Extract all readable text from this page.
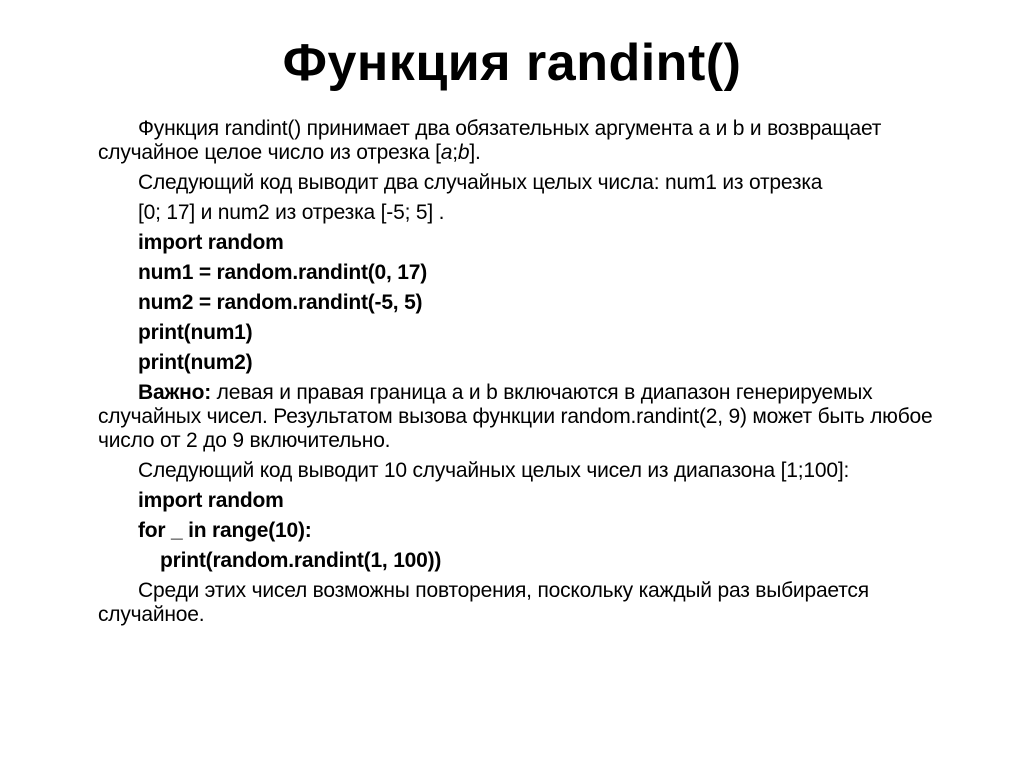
Функция randint()

Функция randint() принимает два обязательных аргумента a и b и возвращает случайное целое число из отрезка [a;b].

Следующий код выводит два случайных целых числа: num1 из отрезка

[0; 17] и num2 из отрезка [-5; 5] .

import random
num1 = random.randint(0, 17)
num2 = random.randint(-5, 5)
print(num1)
print(num2)

Важно: левая и правая граница a и b включаются в диапазон генерируемых случайных чисел. Результатом вызова функции random.randint(2, 9) может быть любое число от 2 до 9 включительно.

Следующий код выводит 10 случайных целых чисел из диапазона [1;100]:

import random
for _ in range(10):
print(random.randint(1, 100))

Среди этих чисел возможны повторения, поскольку каждый раз выбирается случайное.
